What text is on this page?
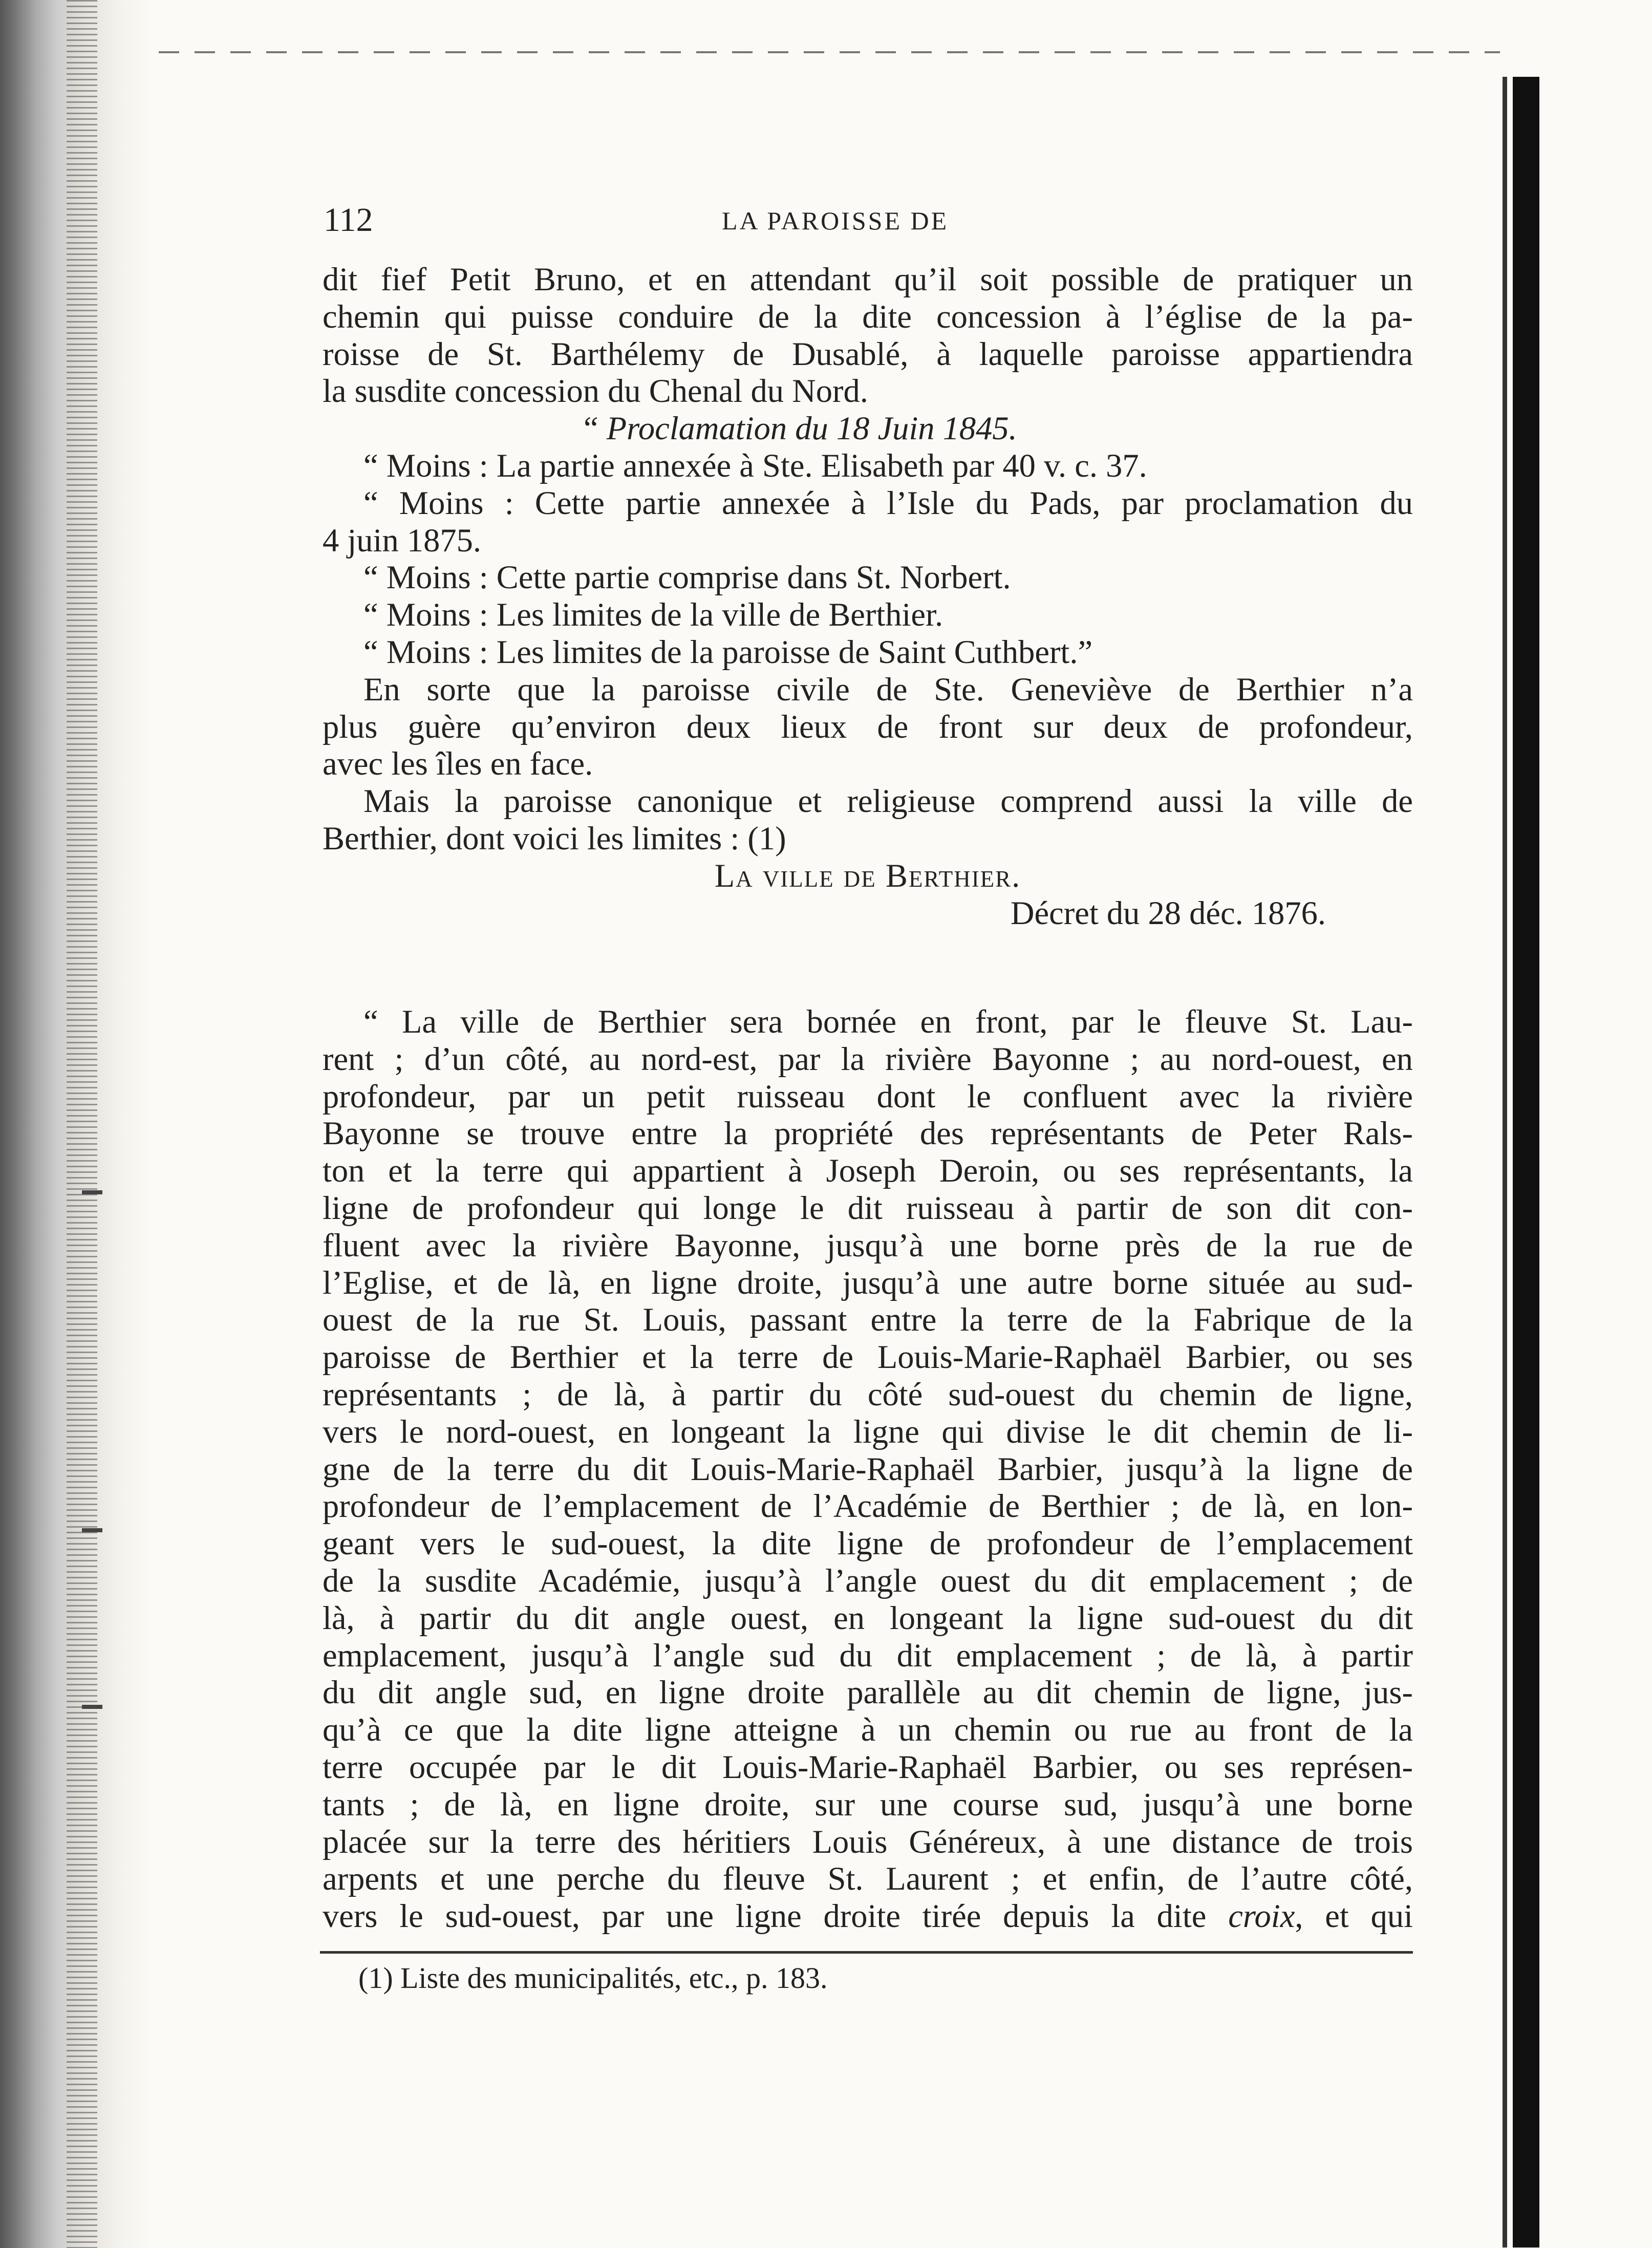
112	LA PAROISSE DE
dit fief Petit Bruno, et en attendant qu’il soit possible de pratiquer un
chemin qui puisse conduire de la dite concession à l’église de la pa-
roisse de St. Barthélemy de Dusablé, à laquelle paroisse appartiendra
la susdite concession du Chenal du Nord.
“ Proclamation du 18 Juin 1845.
“ Moins : La partie annexée à Ste. Elisabeth par 40 v. c. 37.
“ Moins : Cette partie annexée à l’Isle du Pads, par proclamation du
4 juin 1875.
“ Moins : Cette partie comprise dans St. Norbert.
“ Moins : Les limites de la ville de Berthier.
“ Moins : Les limites de la paroisse de Saint Cuthbert.”
En sorte que la paroisse civile de Ste. Geneviève de Berthier n’a
plus guère qu’environ deux lieux de front sur deux de profondeur,
avec les îles en face.
Mais la paroisse canonique et religieuse comprend aussi la ville de
Berthier, dont voici les limites : (1)
La ville de Berthier.
Décret du 28 déc. 1876.
“ La ville de Berthier sera bornée en front, par le fleuve St. Lau-
rent ; d’un côté, au nord-est, par la rivière Bayonne ; au nord-ouest, en
profondeur, par un petit ruisseau dont le confluent avec la rivière
Bayonne se trouve entre la propriété des représentants de Peter Rals-
ton et la terre qui appartient à Joseph Deroin, ou ses représentants, la
ligne de profondeur qui longe le dit ruisseau à partir de son dit con-
fluent avec la rivière Bayonne, jusqu’à une borne près de la rue de
l’Eglise, et de là, en ligne droite, jusqu’à une autre borne située au sud-
ouest de la rue St. Louis, passant entre la terre de la Fabrique de la
paroisse de Berthier et la terre de Louis-Marie-Raphaël Barbier, ou ses
représentants ; de là, à partir du côté sud-ouest du chemin de ligne,
vers le nord-ouest, en longeant la ligne qui divise le dit chemin de li-
gne de la terre du dit Louis-Marie-Raphaël Barbier, jusqu’à la ligne de
profondeur de l’emplacement de l’Académie de Berthier ; de là, en lon-
geant vers le sud-ouest, la dite ligne de profondeur de l’emplacement
de la susdite Académie, jusqu’à l’angle ouest du dit emplacement ; de
là, à partir du dit angle ouest, en longeant la ligne sud-ouest du dit
emplacement, jusqu’à l’angle sud du dit emplacement ; de là, à partir
du dit angle sud, en ligne droite parallèle au dit chemin de ligne, jus-
qu’à ce que la dite ligne atteigne à un chemin ou rue au front de la
terre occupée par le dit Louis-Marie-Raphaël Barbier, ou ses représen-
tants ; de là, en ligne droite, sur une course sud, jusqu’à une borne
placée sur la terre des héritiers Louis Généreux, à une distance de trois
arpents et une perche du fleuve St. Laurent ; et enfin, de l’autre côté,
vers le sud-ouest, par une ligne droite tirée depuis la dite croix, et qui
(1) Liste des municipalités, etc., p. 183.
